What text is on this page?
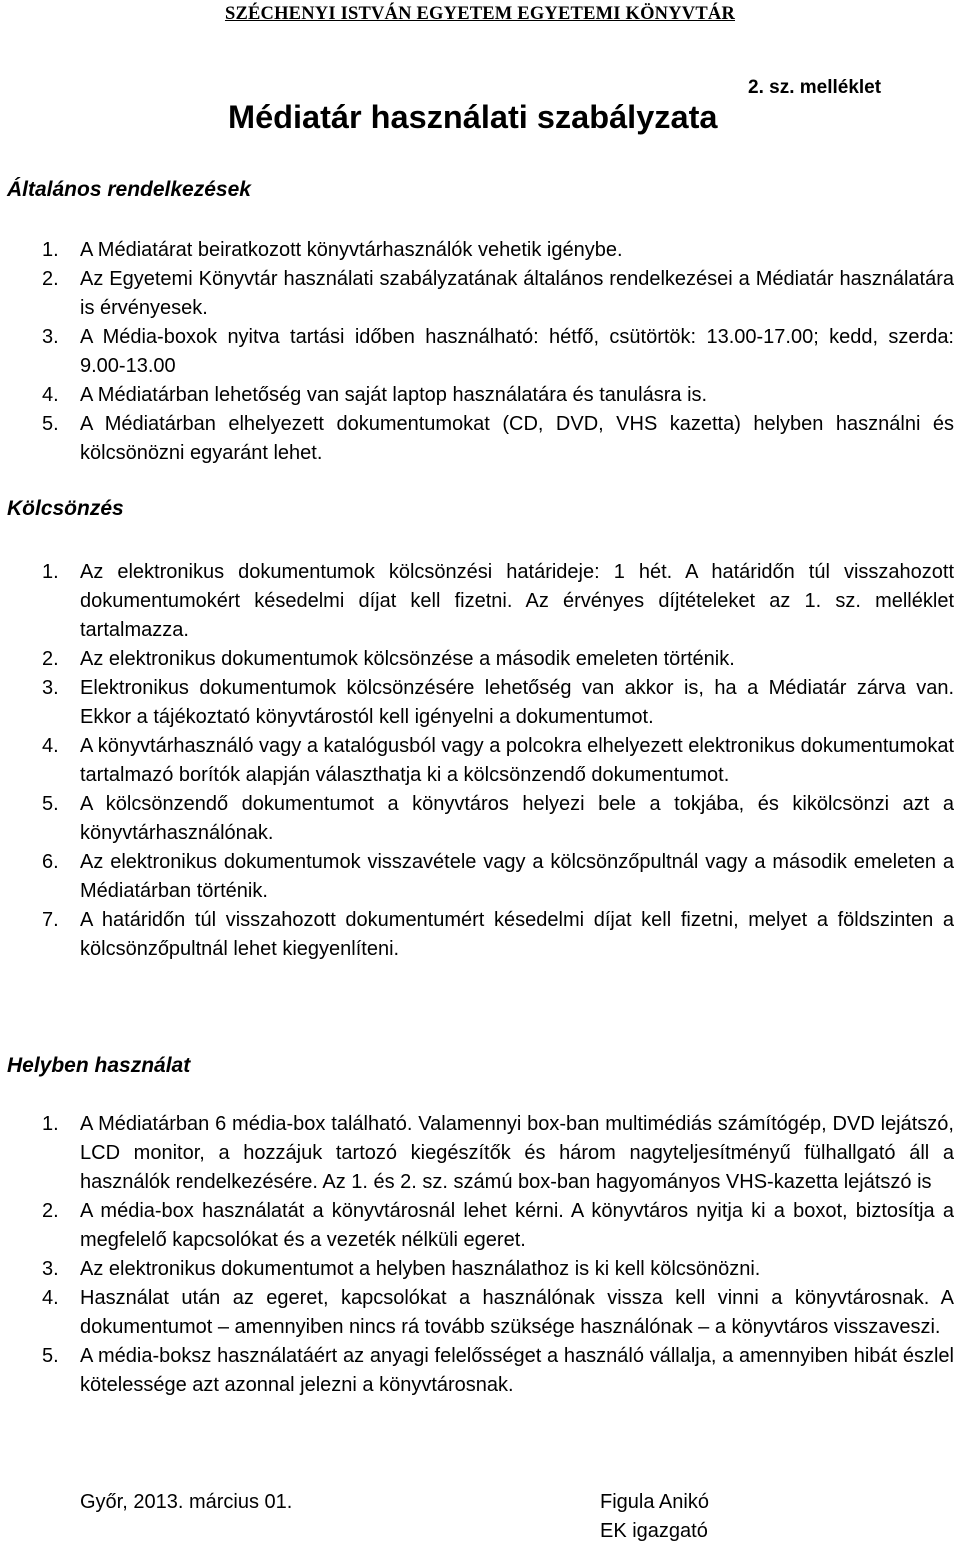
SZÉCHENYI ISTVÁN EGYETEM EGYETEMI KÖNYVTÁR
2. sz. melléklet
Médiatár használati szabályzata
Általános rendelkezések
1. A Médiatárat beiratkozott könyvtárhasználók vehetik igénybe.
2. Az Egyetemi Könyvtár használati szabályzatának általános rendelkezései a Médiatár használatára is érvényesek.
3. A Média-boxok nyitva tartási időben használható: hétfő, csütörtök: 13.00-17.00; kedd, szerda: 9.00-13.00
4. A Médiatárban lehetőség van saját laptop használatára és tanulásra is.
5. A Médiatárban elhelyezett dokumentumokat (CD, DVD, VHS kazetta) helyben használni és kölcsönözni egyaránt lehet.
Kölcsönzés
1. Az elektronikus dokumentumok kölcsönzési határideje: 1 hét. A határidőn túl visszahozott dokumentumokért késedelmi díjat kell fizetni. Az érvényes díjtételeket az 1. sz. melléklet tartalmazza.
2. Az elektronikus dokumentumok kölcsönzése a második emeleten történik.
3. Elektronikus dokumentumok kölcsönzésére lehetőség van akkor is, ha a Médiatár zárva van. Ekkor a tájékoztató könyvtárostól kell igényelni a dokumentumot.
4. A könyvtárhasználó vagy a katalógusból vagy a polcokra elhelyezett elektronikus dokumentumokat tartalmazó borítók alapján választhatja ki a kölcsönzendő dokumentumot.
5. A kölcsönzendő dokumentumot a könyvtáros helyezi bele a tokjába, és kikölcsönzi azt a könyvtárhasználónak.
6. Az elektronikus dokumentumok visszavétele vagy a kölcsönzőpultnál vagy a második emeleten a Médiatárban történik.
7. A határidőn túl visszahozott dokumentumért késedelmi díjat kell fizetni, melyet a földszinten a kölcsönzőpultnál lehet kiegyenlíteni.
Helyben használat
1. A Médiatárban 6 média-box található. Valamennyi box-ban multimédiás számítógép, DVD lejátszó, LCD monitor, a hozzájuk tartozó kiegészítők és három nagyteljesítményű fülhallgató áll a használók rendelkezésére. Az 1. és 2. sz. számú box-ban hagyományos VHS-kazetta lejátszó is
2. A média-box használatát a könyvtárosnál lehet kérni. A könyvtáros nyitja ki a boxot, biztosítja a megfelelő kapcsolókat és a vezeték nélküli egeret.
3. Az elektronikus dokumentumot a helyben használathoz is ki kell kölcsönözni.
4. Használat után az egeret, kapcsolókat a használónak vissza kell vinni a könyvtárosnak. A dokumentumot – amennyiben nincs rá tovább szüksége használónak – a könyvtáros visszaveszi.
5. A média-boksz használatáért az anyagi felelősséget a használó vállalja, a amennyiben hibát észlel kötelessége azt azonnal jelezni a könyvtárosnak.
Győr, 2013. március 01.	Figula Anikó
EK igazgató
